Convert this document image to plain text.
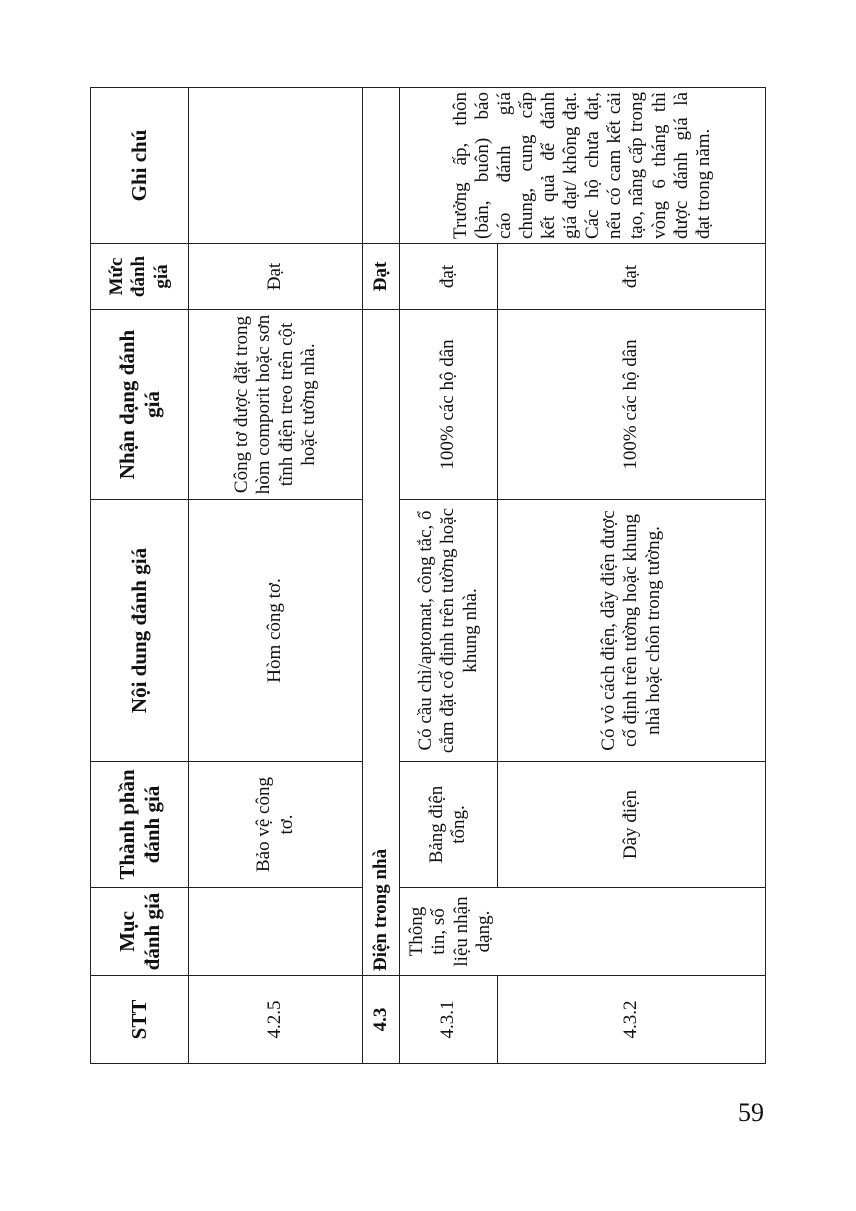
STT	Mục đánh giá	Thành phần đánh giá	Nội dung đánh giá	Nhận dạng đánh giá	Mức đánh giá	Ghi chú
4.2.5		Bảo vệ công tơ.	Hòm công tơ.	Công tơ được đặt trong hòm comporit hoặc sơn tĩnh điện treo trên cột hoặc tường nhà.	Đạt	
4.3	Điện trong nhà				Đạt	
4.3.1	Thông tin, số liệu nhận dạng.	Bảng điện tổng.	Có cầu chì/aptomat, công tắc, ổ cắm đặt cố định trên tường hoặc khung nhà.	100% các hộ dân	đạt	Trưởng ấp, thôn (bản, buôn) báo cáo đánh giá chung, cung cấp kết quả để đánh giá đạt/ không đạt. Các hộ chưa đạt, nếu có cam kết cải tạo, nâng cấp trong vòng 6 tháng thì được đánh giá là đạt trong năm.
4.3.2		Dây điện	Có vỏ cách điện, dây điện được cố định trên tường hoặc khung nhà hoặc chôn trong tường.	100% các hộ dân	đạt	
59
